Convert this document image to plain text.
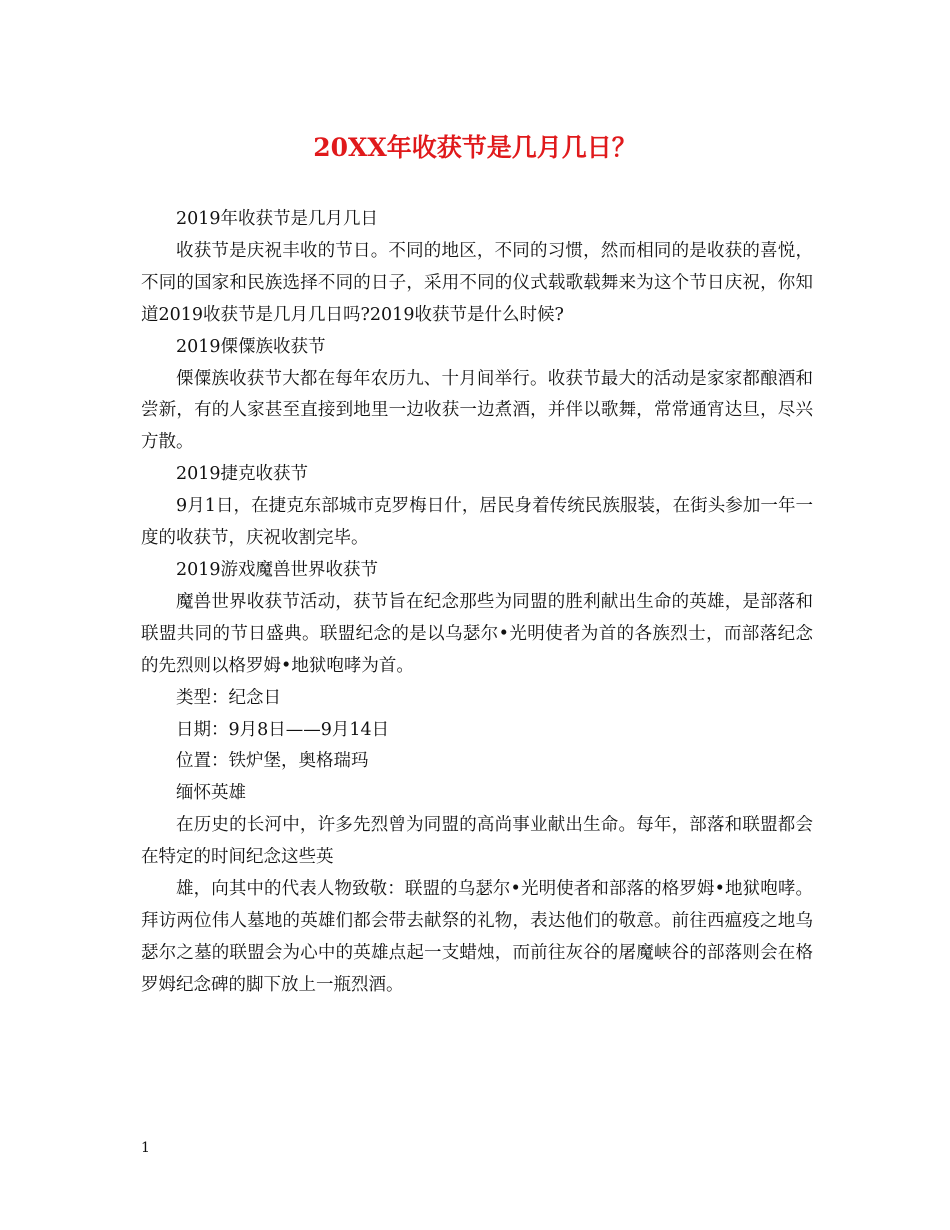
20XX年收获节是几月几日？

2019年收获节是几月几日

收获节是庆祝丰收的节日。不同的地区，不同的习惯，然而相同的是收获的喜悦，不同的国家和民族选择不同的日子，采用不同的仪式载歌载舞来为这个节日庆祝，你知道2019收获节是几月几日吗?2019收获节是什么时候?

2019傈僳族收获节

傈僳族收获节大都在每年农历九、十月间举行。收获节最大的活动是家家都酿酒和尝新，有的人家甚至直接到地里一边收获一边煮酒，并伴以歌舞，常常通宵达旦，尽兴方散。

2019捷克收获节

9月1日，在捷克东部城市克罗梅日什，居民身着传统民族服装，在街头参加一年一度的收获节，庆祝收割完毕。

2019游戏魔兽世界收获节

魔兽世界收获节活动，获节旨在纪念那些为同盟的胜利献出生命的英雄，是部落和联盟共同的节日盛典。联盟纪念的是以乌瑟尔•光明使者为首的各族烈士，而部落纪念的先烈则以格罗姆•地狱咆哮为首。

类型：纪念日

日期：9月8日——9月14日

位置：铁炉堡，奥格瑞玛

缅怀英雄

在历史的长河中，许多先烈曾为同盟的高尚事业献出生命。每年，部落和联盟都会在特定的时间纪念这些英

雄，向其中的代表人物致敬：联盟的乌瑟尔•光明使者和部落的格罗姆•地狱咆哮。拜访两位伟人墓地的英雄们都会带去献祭的礼物，表达他们的敬意。前往西瘟疫之地乌瑟尔之墓的联盟会为心中的英雄点起一支蜡烛，而前往灰谷的屠魔峡谷的部落则会在格罗姆纪念碑的脚下放上一瓶烈酒。

1
